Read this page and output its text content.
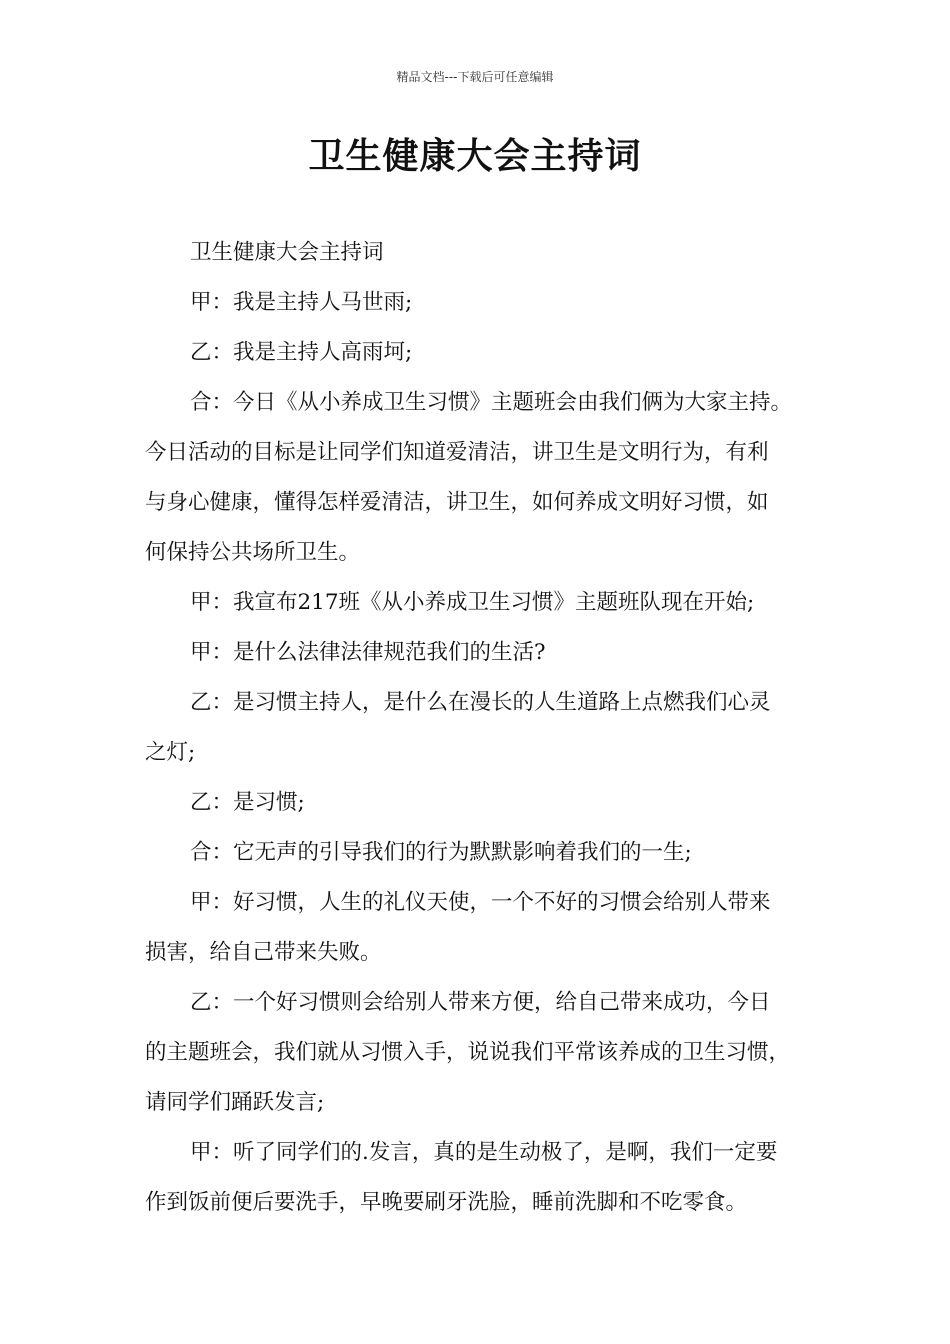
精品文档---下载后可任意编辑
卫生健康大会主持词
卫生健康大会主持词
甲：我是主持人马世雨;
乙：我是主持人高雨坷;
合：今日《从小养成卫生习惯》主题班会由我们俩为大家主持。
今日活动的目标是让同学们知道爱清洁，讲卫生是文明行为，有利
与身心健康，懂得怎样爱清洁，讲卫生，如何养成文明好习惯，如
何保持公共场所卫生。
甲：我宣布217班《从小养成卫生习惯》主题班队现在开始;
甲：是什么法律法律规范我们的生活?
乙：是习惯主持人，是什么在漫长的人生道路上点燃我们心灵
之灯;
乙：是习惯;
合：它无声的引导我们的行为默默影响着我们的一生;
甲：好习惯，人生的礼仪天使，一个不好的习惯会给别人带来
损害，给自己带来失败。
乙：一个好习惯则会给别人带来方便，给自己带来成功，今日
的主题班会，我们就从习惯入手，说说我们平常该养成的卫生习惯，
请同学们踊跃发言;
甲：听了同学们的.发言，真的是生动极了，是啊，我们一定要
作到饭前便后要洗手，早晚要刷牙洗脸，睡前洗脚和不吃零食。
